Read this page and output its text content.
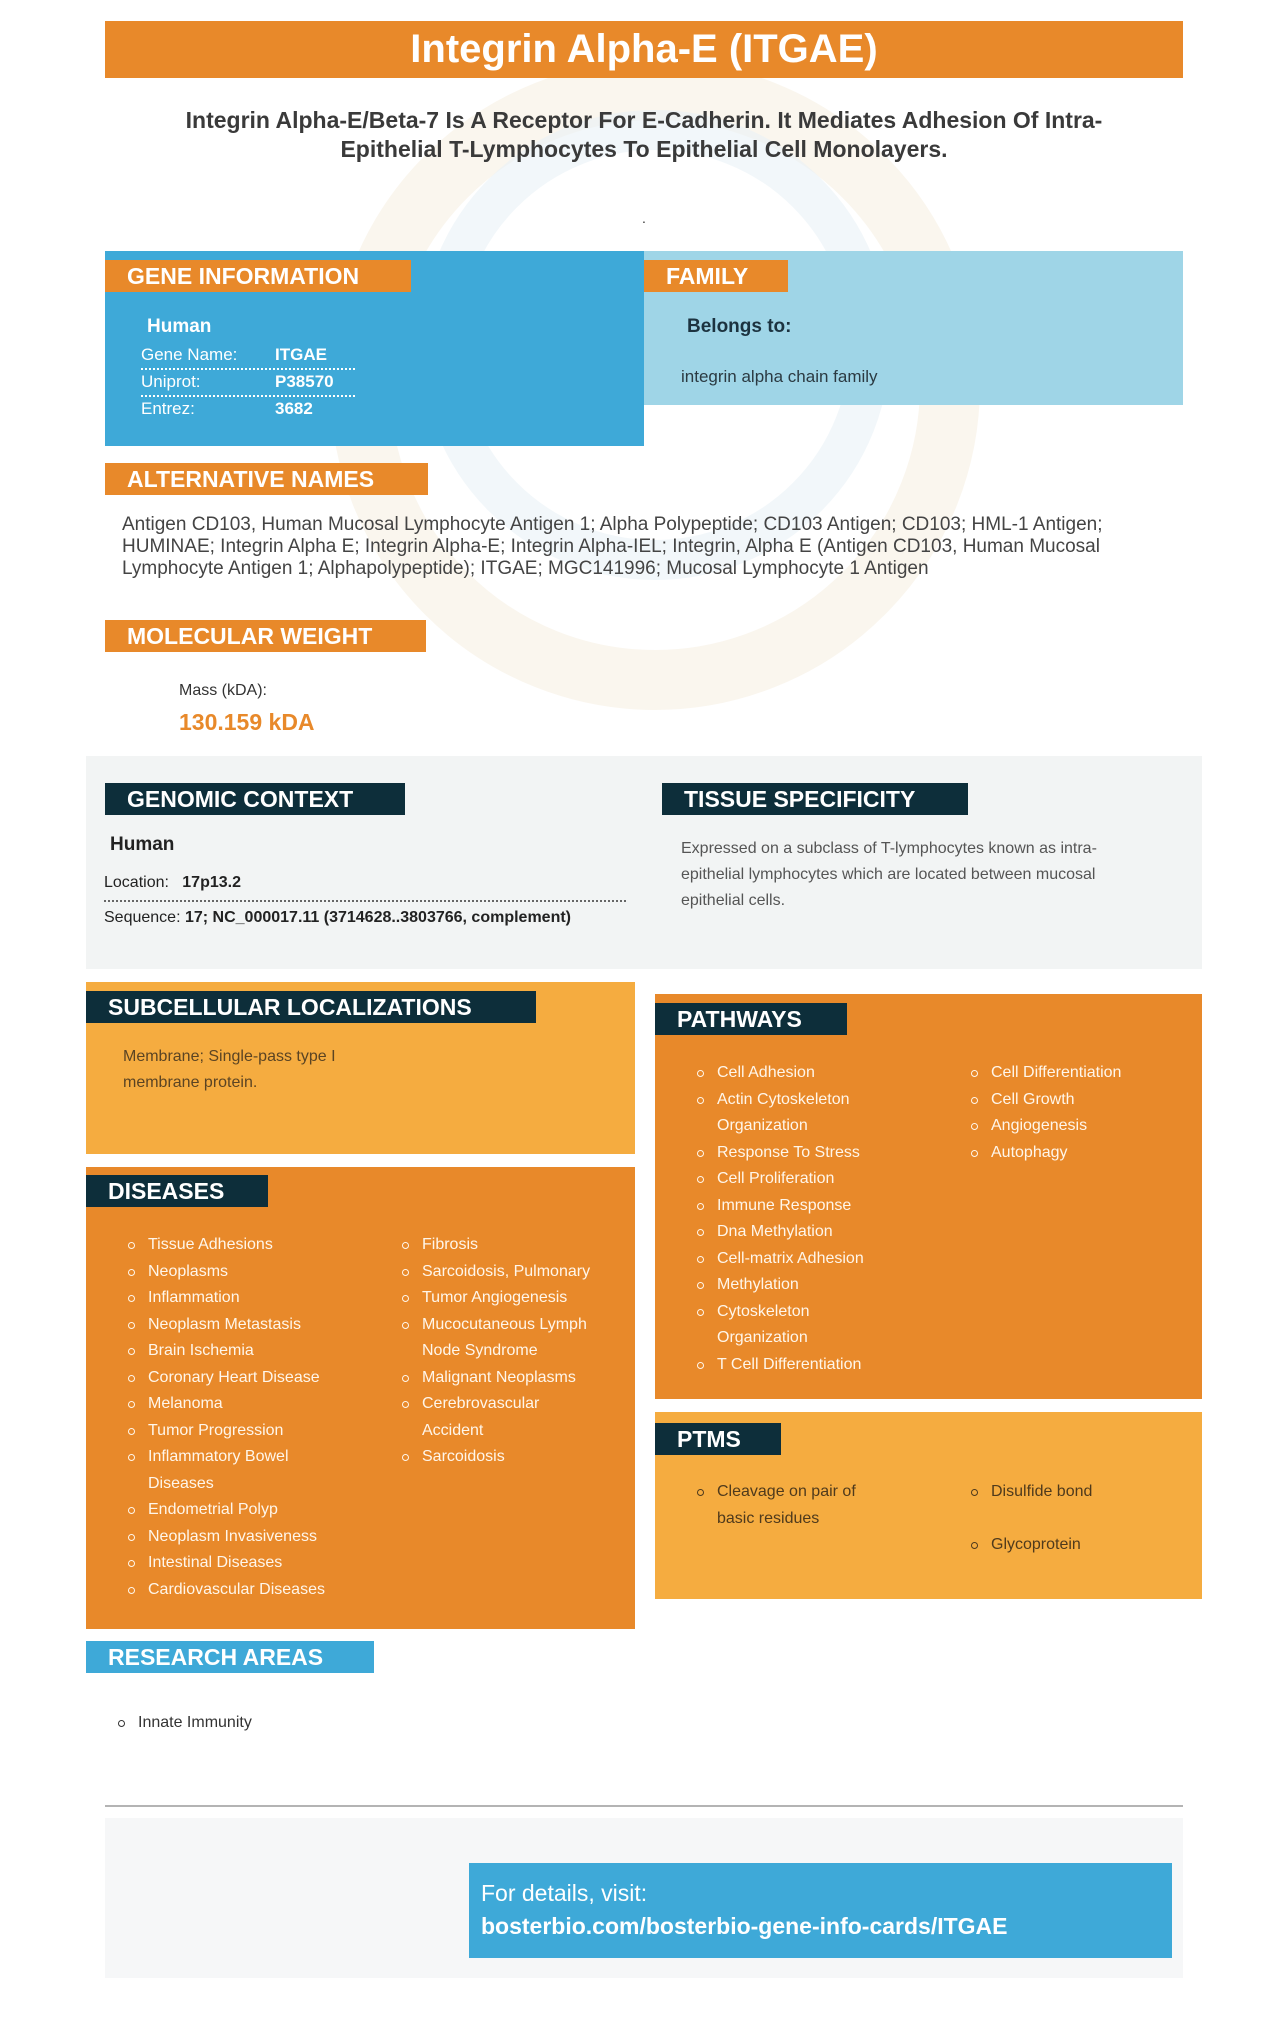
Integrin Alpha-E (ITGAE)
Integrin Alpha-E/Beta-7 Is A Receptor For E-Cadherin. It Mediates Adhesion Of Intra-Epithelial T-Lymphocytes To Epithelial Cell Monolayers.
.
GENE INFORMATION
Human
Gene Name: ITGAE
Uniprot:	P38570
Entrez:	3682
FAMILY
Belongs to:
integrin alpha chain family
ALTERNATIVE NAMES
Antigen CD103, Human Mucosal Lymphocyte Antigen 1; Alpha Polypeptide; CD103 Antigen; CD103; HML-1 Antigen; HUMINAE; Integrin Alpha E; Integrin Alpha-E; Integrin Alpha-IEL; Integrin, Alpha E (Antigen CD103, Human Mucosal Lymphocyte Antigen 1; Alphapolypeptide); ITGAE; MGC141996; Mucosal Lymphocyte 1 Antigen
MOLECULAR WEIGHT
Mass (kDA):
130.159 kDA
GENOMIC CONTEXT
Human
Location: 17p13.2
Sequence: 17; NC_000017.11 (3714628..3803766, complement)
TISSUE SPECIFICITY
Expressed on a subclass of T-lymphocytes known as intra-epithelial lymphocytes which are located between mucosal epithelial cells.
SUBCELLULAR LOCALIZATIONS
Membrane; Single-pass type I membrane protein.
DISEASES
Tissue Adhesions
Neoplasms
Inflammation
Neoplasm Metastasis
Brain Ischemia
Coronary Heart Disease
Melanoma
Tumor Progression
Inflammatory Bowel Diseases
Endometrial Polyp
Neoplasm Invasiveness
Intestinal Diseases
Cardiovascular Diseases
Fibrosis
Sarcoidosis, Pulmonary
Tumor Angiogenesis
Mucocutaneous Lymph Node Syndrome
Malignant Neoplasms
Cerebrovascular Accident
Sarcoidosis
PATHWAYS
Cell Adhesion
Actin Cytoskeleton Organization
Response To Stress
Cell Proliferation
Immune Response
Dna Methylation
Cell-matrix Adhesion
Methylation
Cytoskeleton Organization
T Cell Differentiation
Cell Differentiation
Cell Growth
Angiogenesis
Autophagy
PTMS
Cleavage on pair of basic residues
Disulfide bond
Glycoprotein
RESEARCH AREAS
Innate Immunity
For details, visit:
bosterbio.com/bosterbio-gene-info-cards/ITGAE
